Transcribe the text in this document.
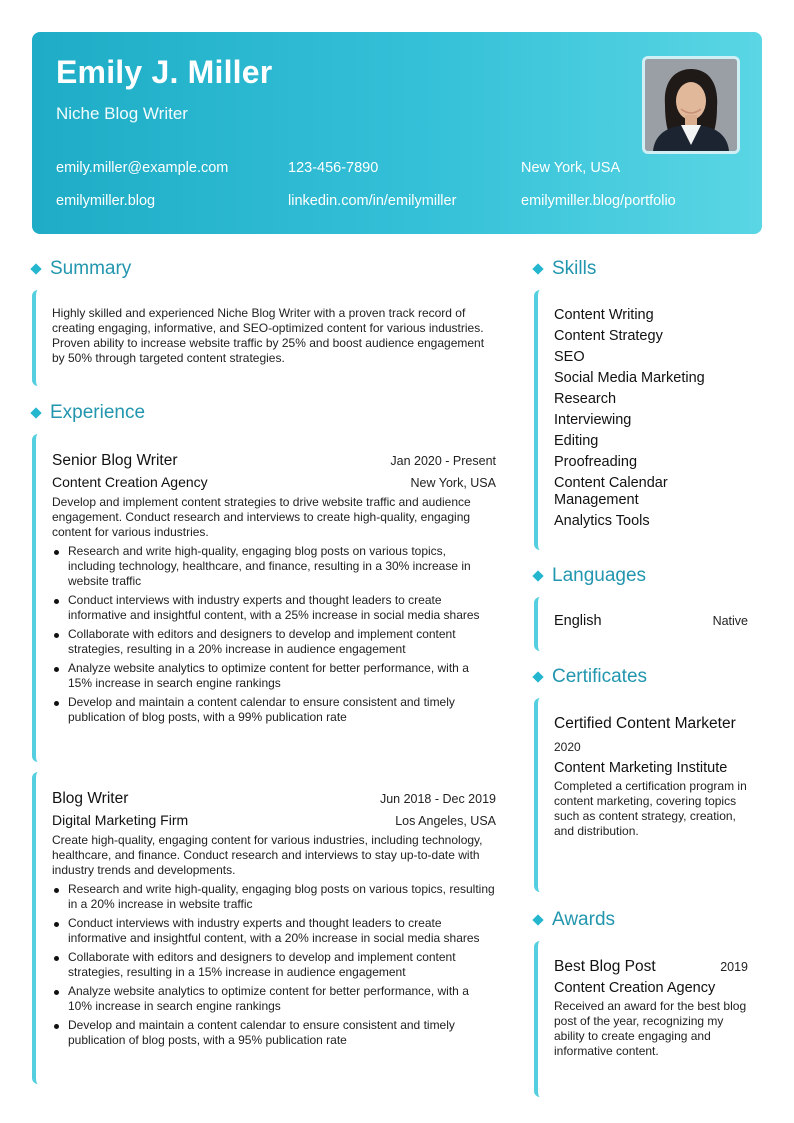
Emily J. Miller
Niche Blog Writer
emily.miller@example.com	123-456-7890	New York, USA
emilymiller.blog	linkedin.com/in/emilymiller	emilymiller.blog/portfolio
Summary
Highly skilled and experienced Niche Blog Writer with a proven track record of creating engaging, informative, and SEO-optimized content for various industries. Proven ability to increase website traffic by 25% and boost audience engagement by 50% through targeted content strategies.
Experience
Senior Blog Writer	Jan 2020 - Present
Content Creation Agency	New York, USA
Develop and implement content strategies to drive website traffic and audience engagement. Conduct research and interviews to create high-quality, engaging content for various industries.
Research and write high-quality, engaging blog posts on various topics, including technology, healthcare, and finance, resulting in a 30% increase in website traffic
Conduct interviews with industry experts and thought leaders to create informative and insightful content, with a 25% increase in social media shares
Collaborate with editors and designers to develop and implement content strategies, resulting in a 20% increase in audience engagement
Analyze website analytics to optimize content for better performance, with a 15% increase in search engine rankings
Develop and maintain a content calendar to ensure consistent and timely publication of blog posts, with a 99% publication rate
Blog Writer	Jun 2018 - Dec 2019
Digital Marketing Firm	Los Angeles, USA
Create high-quality, engaging content for various industries, including technology, healthcare, and finance. Conduct research and interviews to stay up-to-date with industry trends and developments.
Research and write high-quality, engaging blog posts on various topics, resulting in a 20% increase in website traffic
Conduct interviews with industry experts and thought leaders to create informative and insightful content, with a 20% increase in social media shares
Collaborate with editors and designers to develop and implement content strategies, resulting in a 15% increase in audience engagement
Analyze website analytics to optimize content for better performance, with a 10% increase in search engine rankings
Develop and maintain a content calendar to ensure consistent and timely publication of blog posts, with a 95% publication rate
Skills
Content Writing
Content Strategy
SEO
Social Media Marketing
Research
Interviewing
Editing
Proofreading
Content Calendar Management
Analytics Tools
Languages
English	Native
Certificates
Certified Content Marketer
2020
Content Marketing Institute
Completed a certification program in content marketing, covering topics such as content strategy, creation, and distribution.
Awards
Best Blog Post	2019
Content Creation Agency
Received an award for the best blog post of the year, recognizing my ability to create engaging and informative content.
